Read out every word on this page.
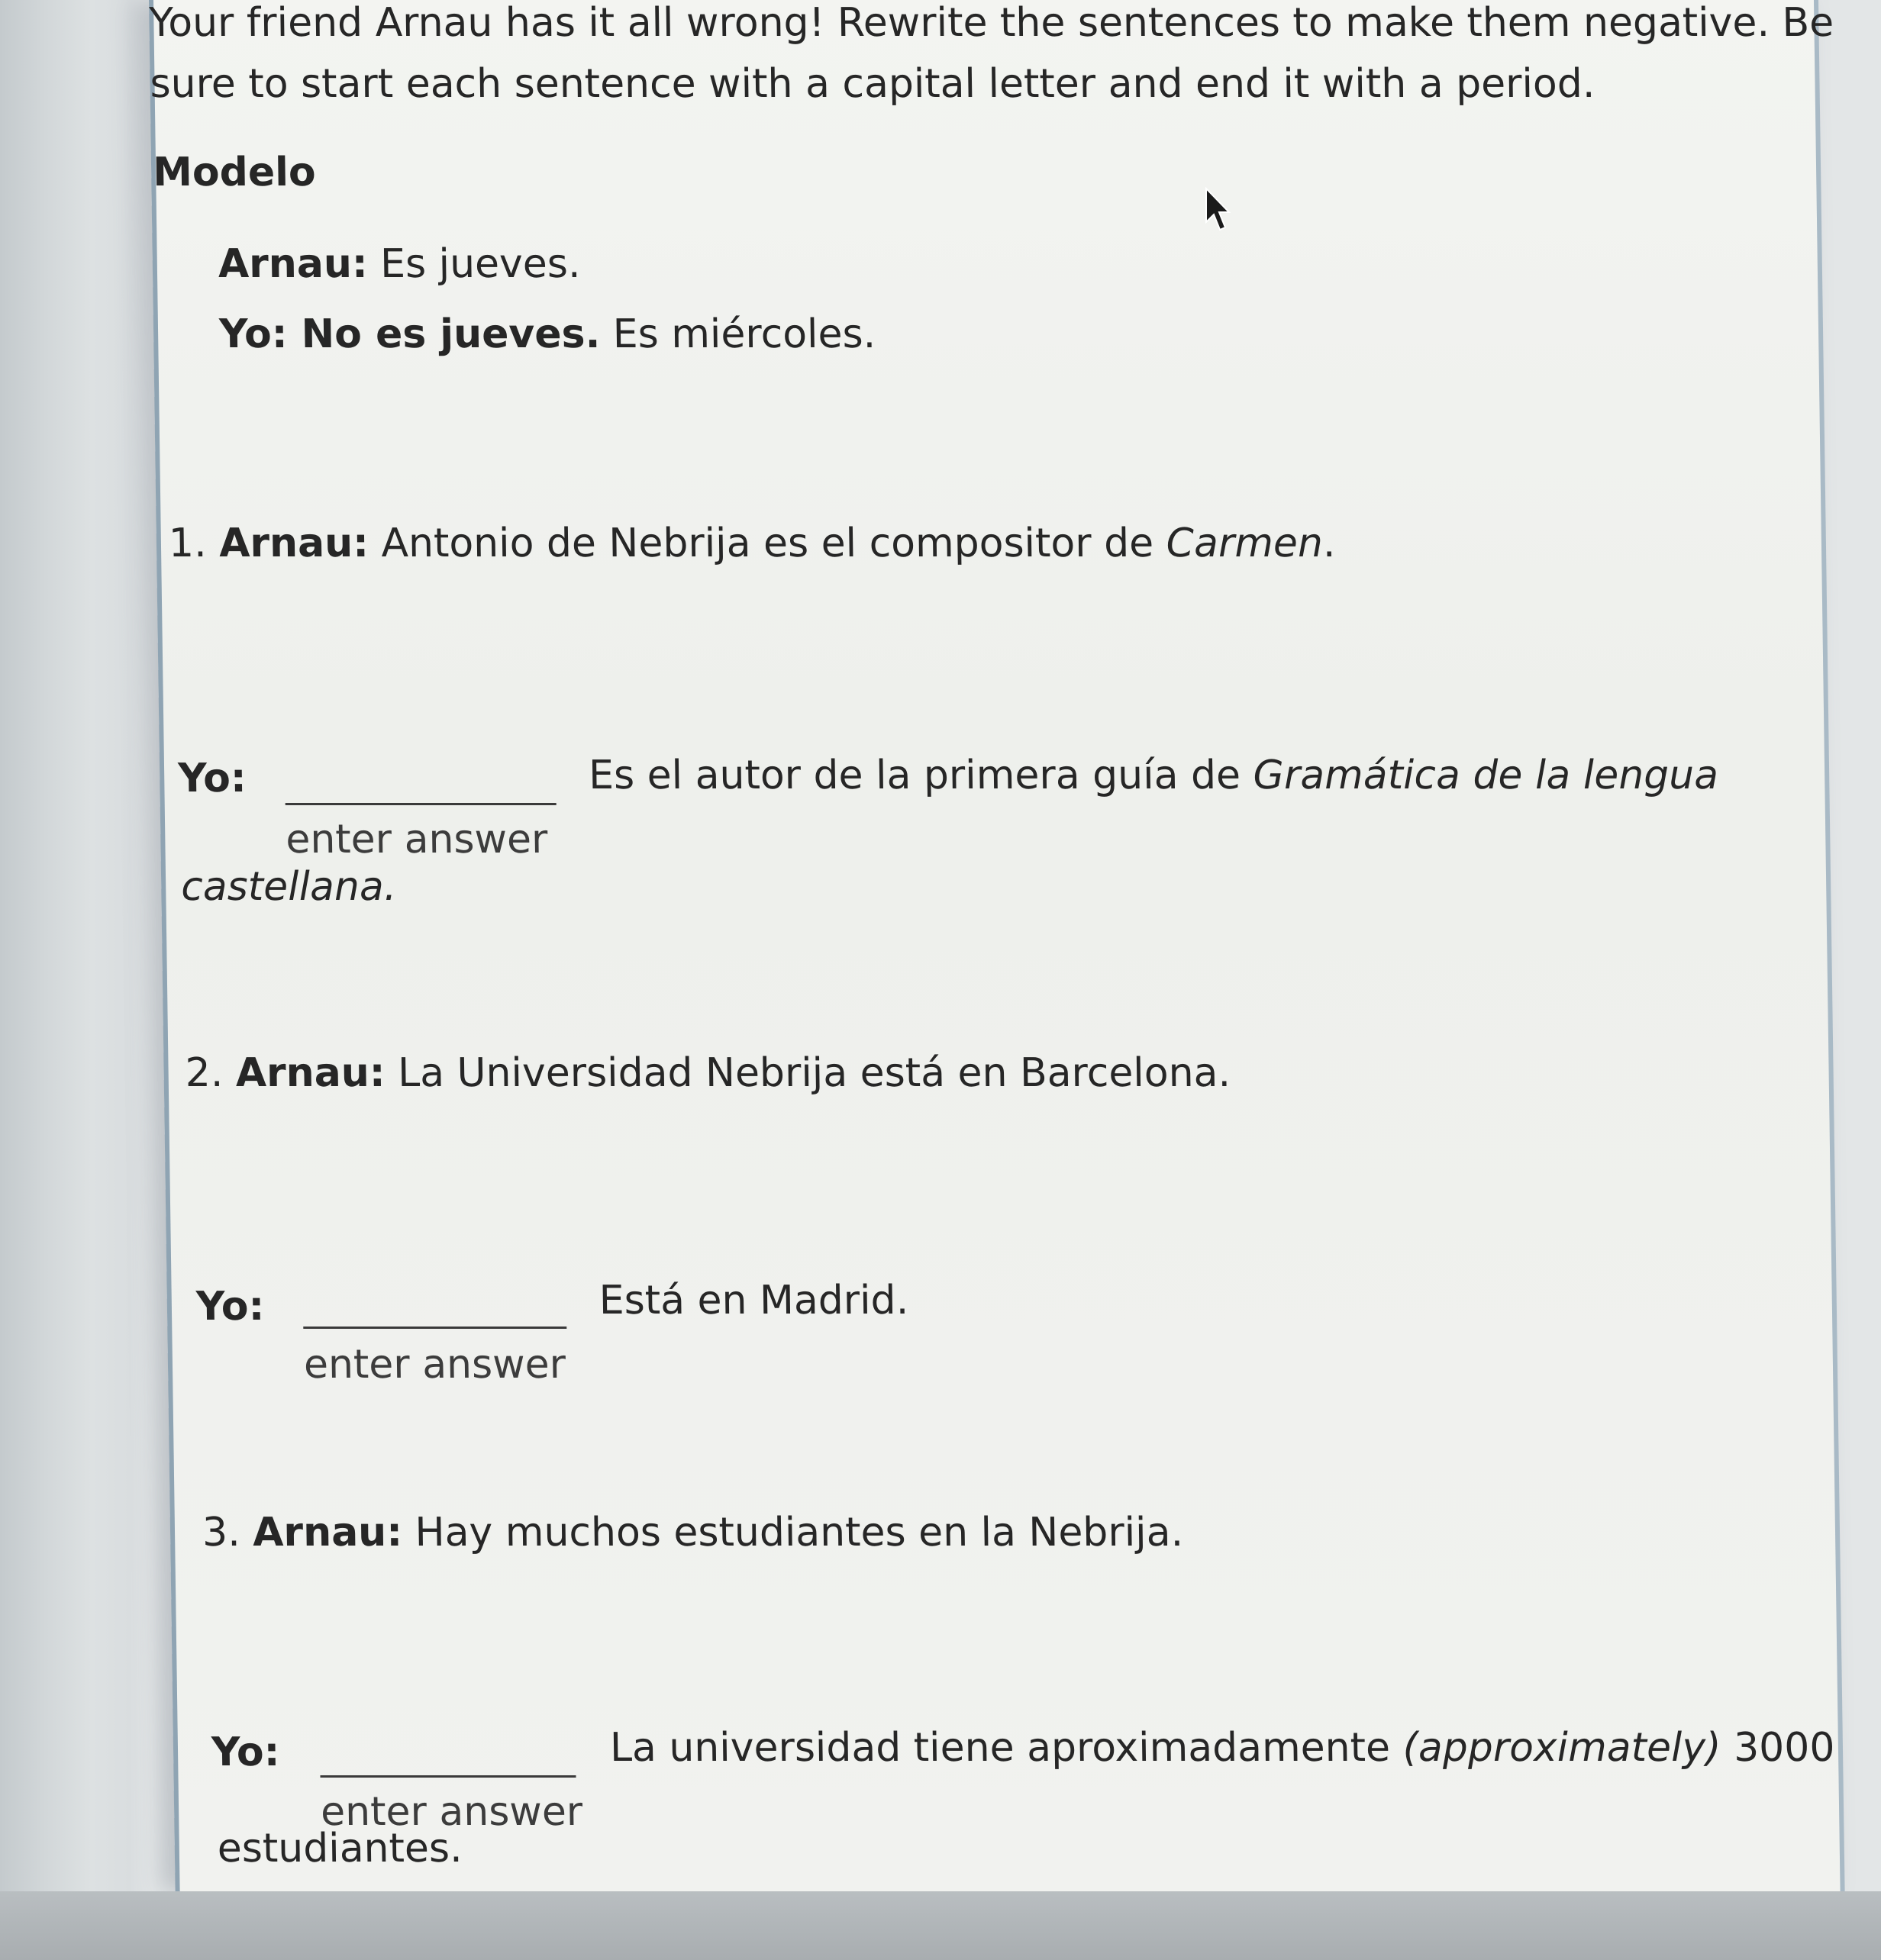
Your friend Arnau has it all wrong! Rewrite the sentences to make them negative. Be
sure to start each sentence with a capital letter and end it with a period.
Modelo
Arnau: Es jueves.
Yo: No es jueves. Es miércoles.
1. Arnau: Antonio de Nebrija es el compositor de Carmen.
Yo:
enter answer
Es el autor de la primera guía de Gramática de la lengua
castellana.
2. Arnau: La Universidad Nebrija está en Barcelona.
Yo:
enter answer
Está en Madrid.
3. Arnau: Hay muchos estudiantes en la Nebrija.
Yo:
enter answer
La universidad tiene aproximadamente (approximately) 3000
estudiantes.
